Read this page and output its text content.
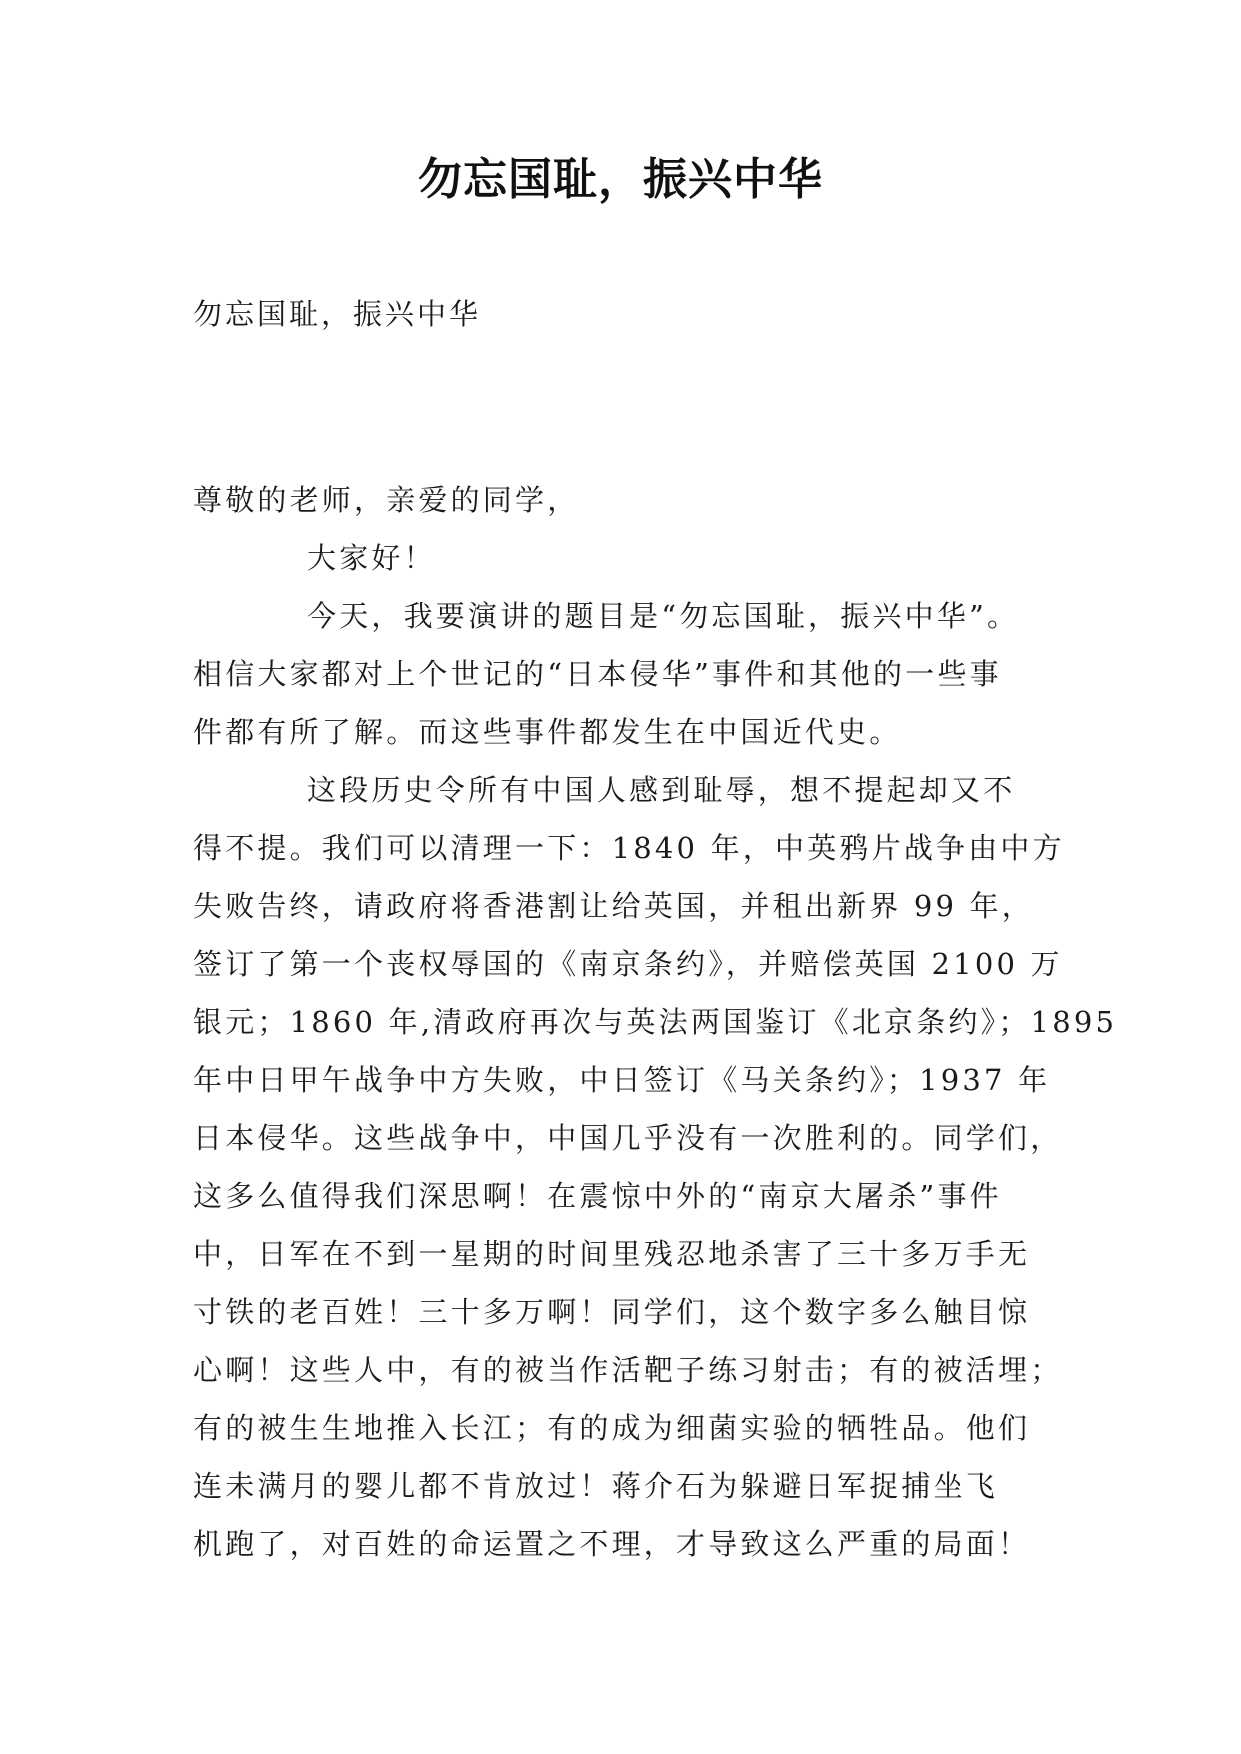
勿忘国耻，振兴中华
勿忘国耻，振兴中华
尊敬的老师，亲爱的同学，
大家好！
今天，我要演讲的题目是“勿忘国耻，振兴中华”。
相信大家都对上个世记的“日本侵华”事件和其他的一些事
件都有所了解。而这些事件都发生在中国近代史。
这段历史令所有中国人感到耻辱，想不提起却又不
得不提。我们可以清理一下：1840 年，中英鸦片战争由中方
失败告终，请政府将香港割让给英国，并租出新界 99 年，
签订了第一个丧权辱国的《南京条约》，并赔偿英国 2100 万
银元；1860 年,清政府再次与英法两国鉴订《北京条约》；1895
年中日甲午战争中方失败，中日签订《马关条约》；1937 年
日本侵华。这些战争中，中国几乎没有一次胜利的。同学们，
这多么值得我们深思啊！在震惊中外的“南京大屠杀”事件
中，日军在不到一星期的时间里残忍地杀害了三十多万手无
寸铁的老百姓！三十多万啊！同学们，这个数字多么触目惊
心啊！这些人中，有的被当作活靶子练习射击；有的被活埋；
有的被生生地推入长江；有的成为细菌实验的牺牲品。他们
连未满月的婴儿都不肯放过！蒋介石为躲避日军捉捕坐飞
机跑了，对百姓的命运置之不理，才导致这么严重的局面！
